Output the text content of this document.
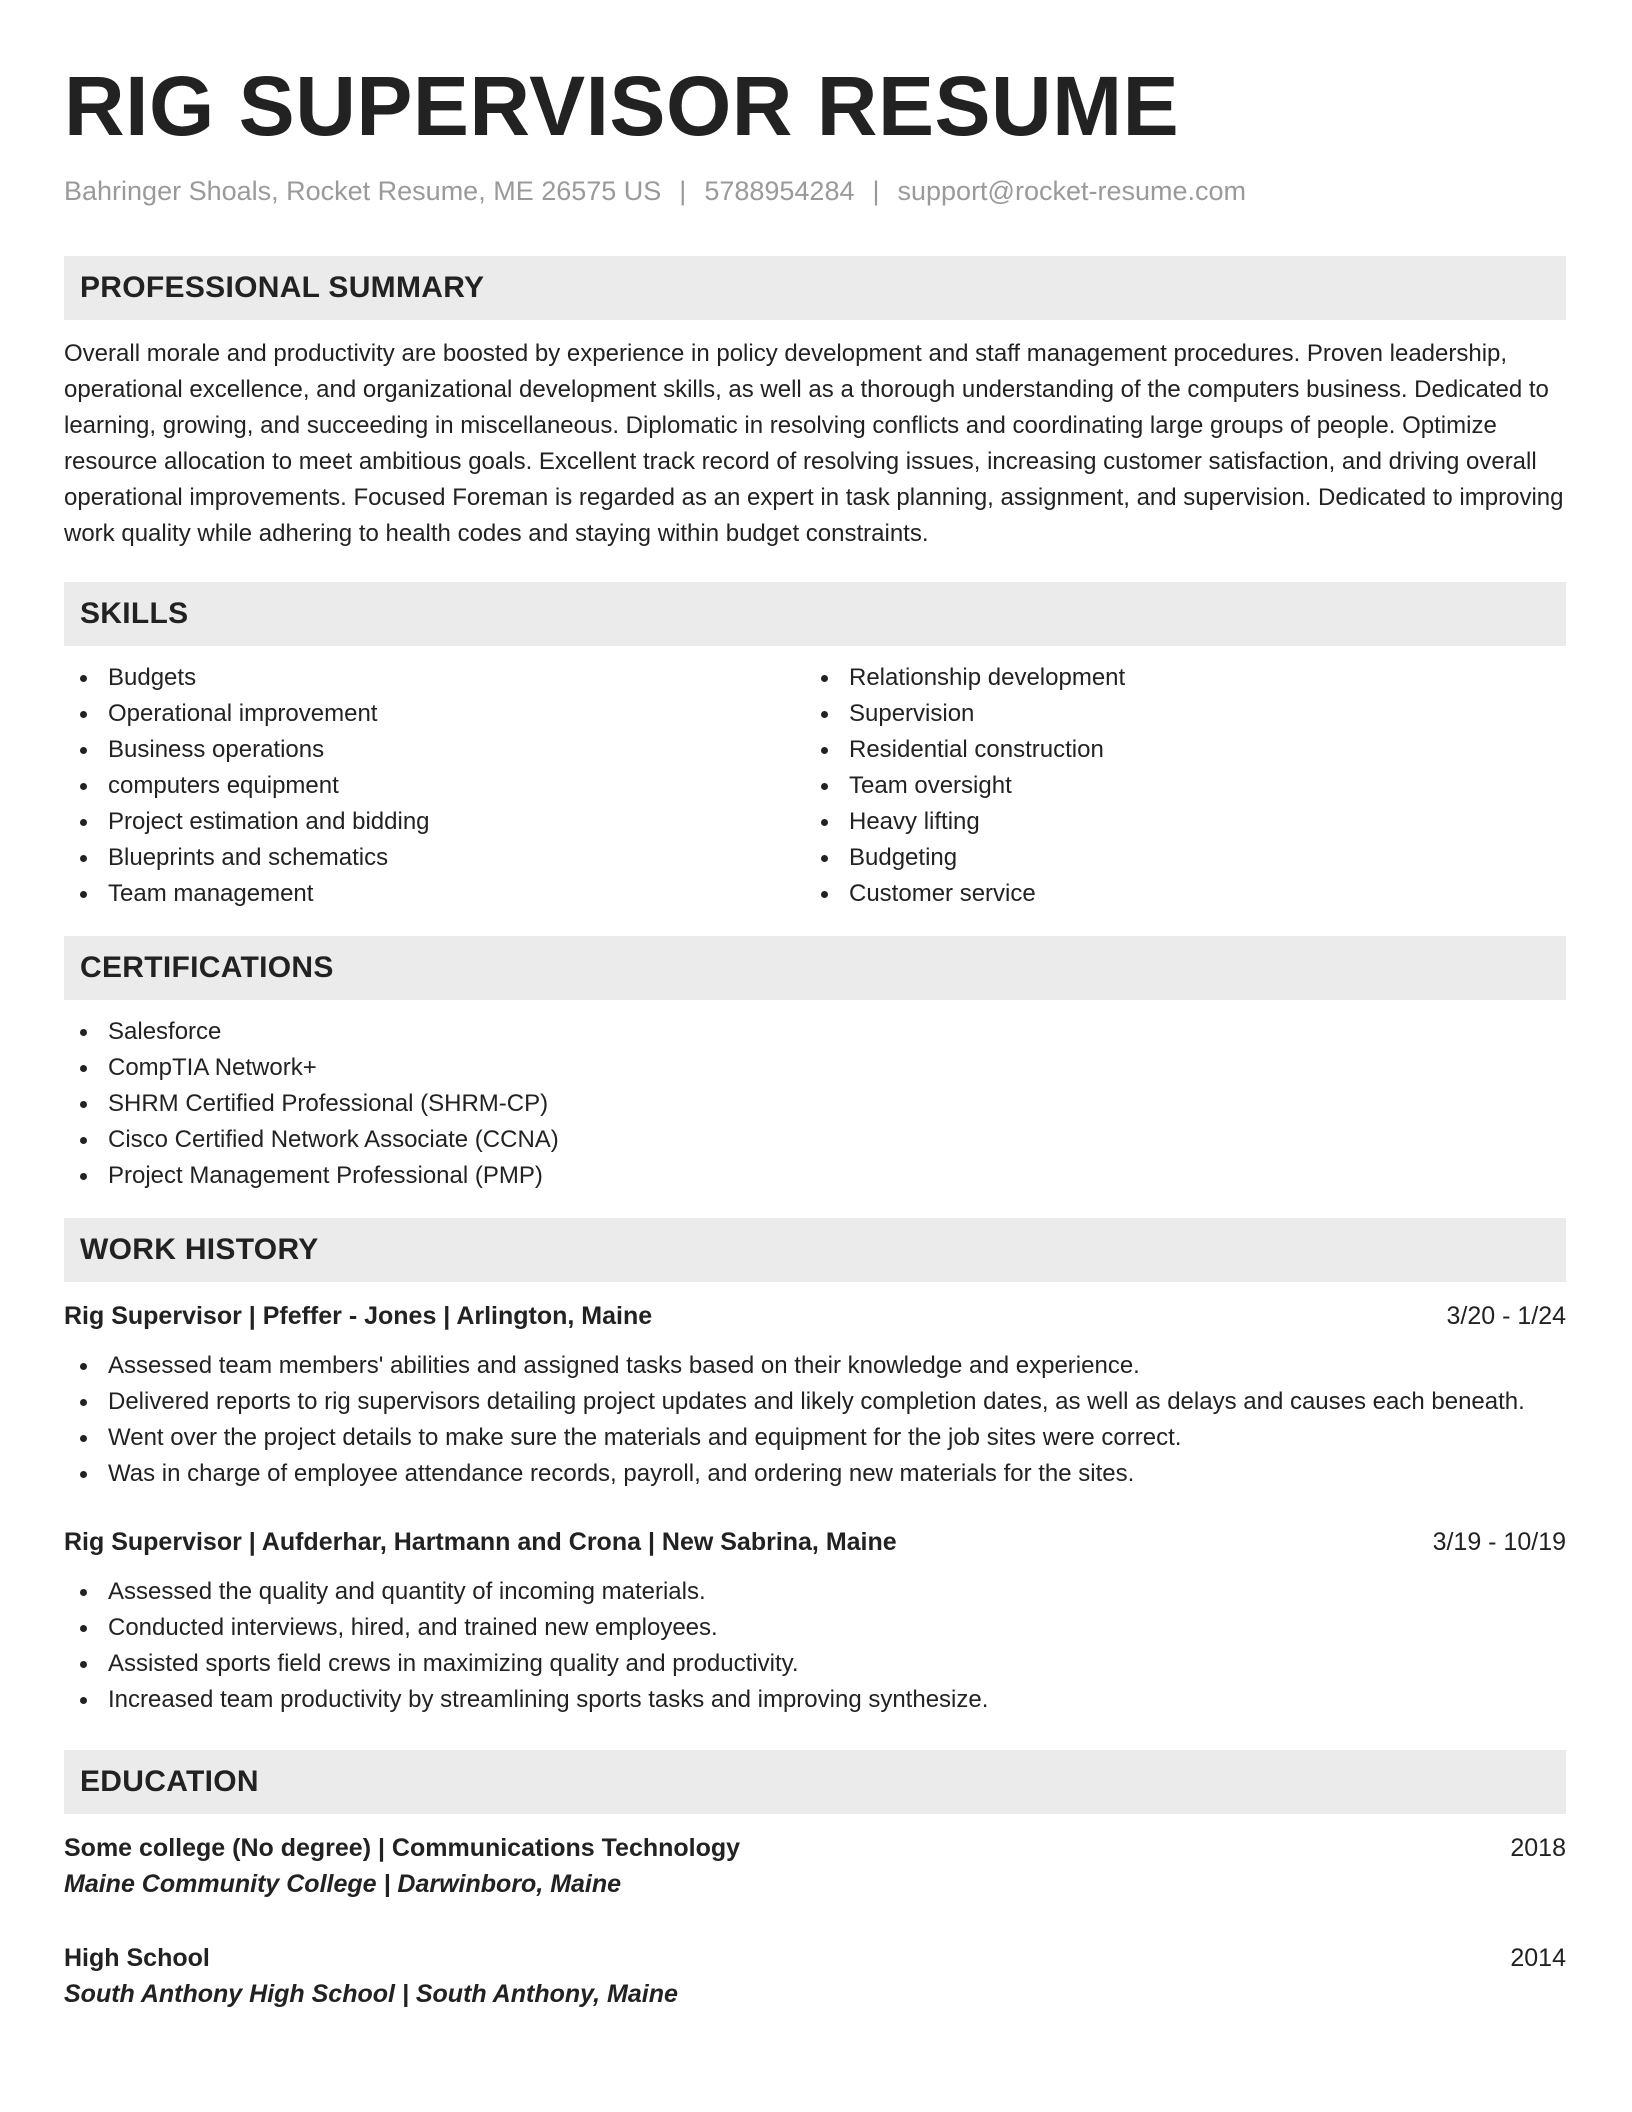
RIG SUPERVISOR RESUME
Bahringer Shoals, Rocket Resume, ME 26575 US | 5788954284 | support@rocket-resume.com
PROFESSIONAL SUMMARY

Overall morale and productivity are boosted by experience in policy development and staff management procedures. Proven leadership, operational excellence, and organizational development skills, as well as a thorough understanding of the computers business. Dedicated to learning, growing, and succeeding in miscellaneous. Diplomatic in resolving conflicts and coordinating large groups of people. Optimize resource allocation to meet ambitious goals. Excellent track record of resolving issues, increasing customer satisfaction, and driving overall operational improvements. Focused Foreman is regarded as an expert in task planning, assignment, and supervision. Dedicated to improving work quality while adhering to health codes and staying within budget constraints.

SKILLS
Budgets
Operational improvement
Business operations
computers equipment
Project estimation and bidding
Blueprints and schematics
Team management
Relationship development
Supervision
Residential construction
Team oversight
Heavy lifting
Budgeting
Customer service
CERTIFICATIONS
Salesforce
CompTIA Network+
SHRM Certified Professional (SHRM-CP)
Cisco Certified Network Associate (CCNA)
Project Management Professional (PMP)
WORK HISTORY
Rig Supervisor | Pfeffer - Jones | Arlington, Maine	3/20 - 1/24
Assessed team members' abilities and assigned tasks based on their knowledge and experience.
Delivered reports to rig supervisors detailing project updates and likely completion dates, as well as delays and causes each beneath.
Went over the project details to make sure the materials and equipment for the job sites were correct.
Was in charge of employee attendance records, payroll, and ordering new materials for the sites.
Rig Supervisor | Aufderhar, Hartmann and Crona | New Sabrina, Maine	3/19 - 10/19
Assessed the quality and quantity of incoming materials.
Conducted interviews, hired, and trained new employees.
Assisted sports field crews in maximizing quality and productivity.
Increased team productivity by streamlining sports tasks and improving synthesize.
EDUCATION
Some college (No degree) | Communications Technology	2018
Maine Community College | Darwinboro, Maine
High School	2014
South Anthony High School | South Anthony, Maine
